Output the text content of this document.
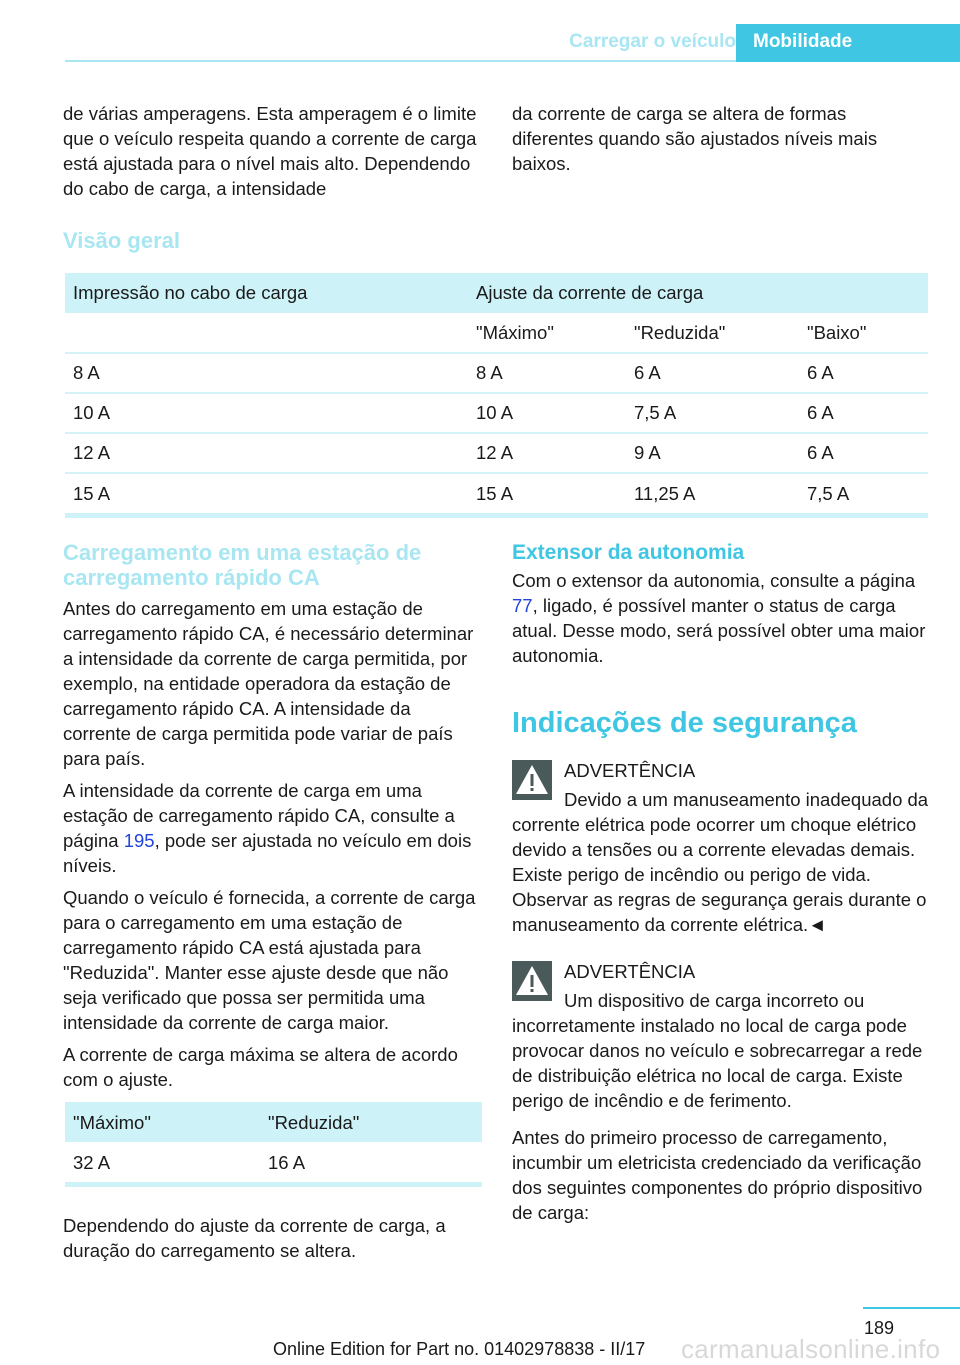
Carregar o veículo Mobilidade
de várias amperagens. Esta amperagem é o limite que o veículo respeita quando a corrente de carga está ajustada para o nível mais alto. Dependendo do cabo de carga, a intensidade
da corrente de carga se altera de formas diferentes quando são ajustados níveis mais baixos.
Visão geral
Impressão no cabo de carga	Ajuste da corrente de carga		
	"Máximo"	"Reduzida"	"Baixo"
8 A	8 A	6 A	6 A
10 A	10 A	7,5 A	6 A
12 A	12 A	9 A	6 A
15 A	15 A	11,25 A	7,5 A
Carregamento em uma estação de carregamento rápido CA

Antes do carregamento em uma estação de carregamento rápido CA, é necessário determinar a intensidade da corrente de carga permitida, por exemplo, na entidade operadora da estação de carregamento rápido CA. A intensidade da corrente de carga permitida pode variar de país para país.

A intensidade da corrente de carga em uma estação de carregamento rápido CA, consulte a página 195, pode ser ajustada no veículo em dois níveis.

Quando o veículo é fornecida, a corrente de carga para o carregamento em uma estação de carregamento rápido CA está ajustada para "Reduzida". Manter esse ajuste desde que não seja verificado que possa ser permitida uma intensidade da corrente de carga maior.

A corrente de carga máxima se altera de acordo com o ajuste.

"Máximo"	"Reduzida"
32 A	16 A

Dependendo do ajuste da corrente de carga, a duração do carregamento se altera.

Extensor da autonomia

Com o extensor da autonomia, consulte a página 77, ligado, é possível manter o status de carga atual. Desse modo, será possível obter uma maior autonomia.

Indicações de segurança
ADVERTÊNCIA
Devido a um manuseamento inadequado da corrente elétrica pode ocorrer um choque elétrico devido a tensões ou a corrente elevadas demais. Existe perigo de incêndio ou perigo de vida. Observar as regras de segurança gerais durante o manuseamento da corrente elétrica.◄
ADVERTÊNCIA
Um dispositivo de carga incorreto ou incorretamente instalado no local de carga pode provocar danos no veículo e sobrecarregar a rede de distribuição elétrica no local de carga. Existe perigo de incêndio e de ferimento.

Antes do primeiro processo de carregamento, incumbir um eletricista credenciado da verificação dos seguintes componentes do próprio dispositivo de carga:

189
Online Edition for Part no. 01402978838 - II/17 carmanualsonline.info
